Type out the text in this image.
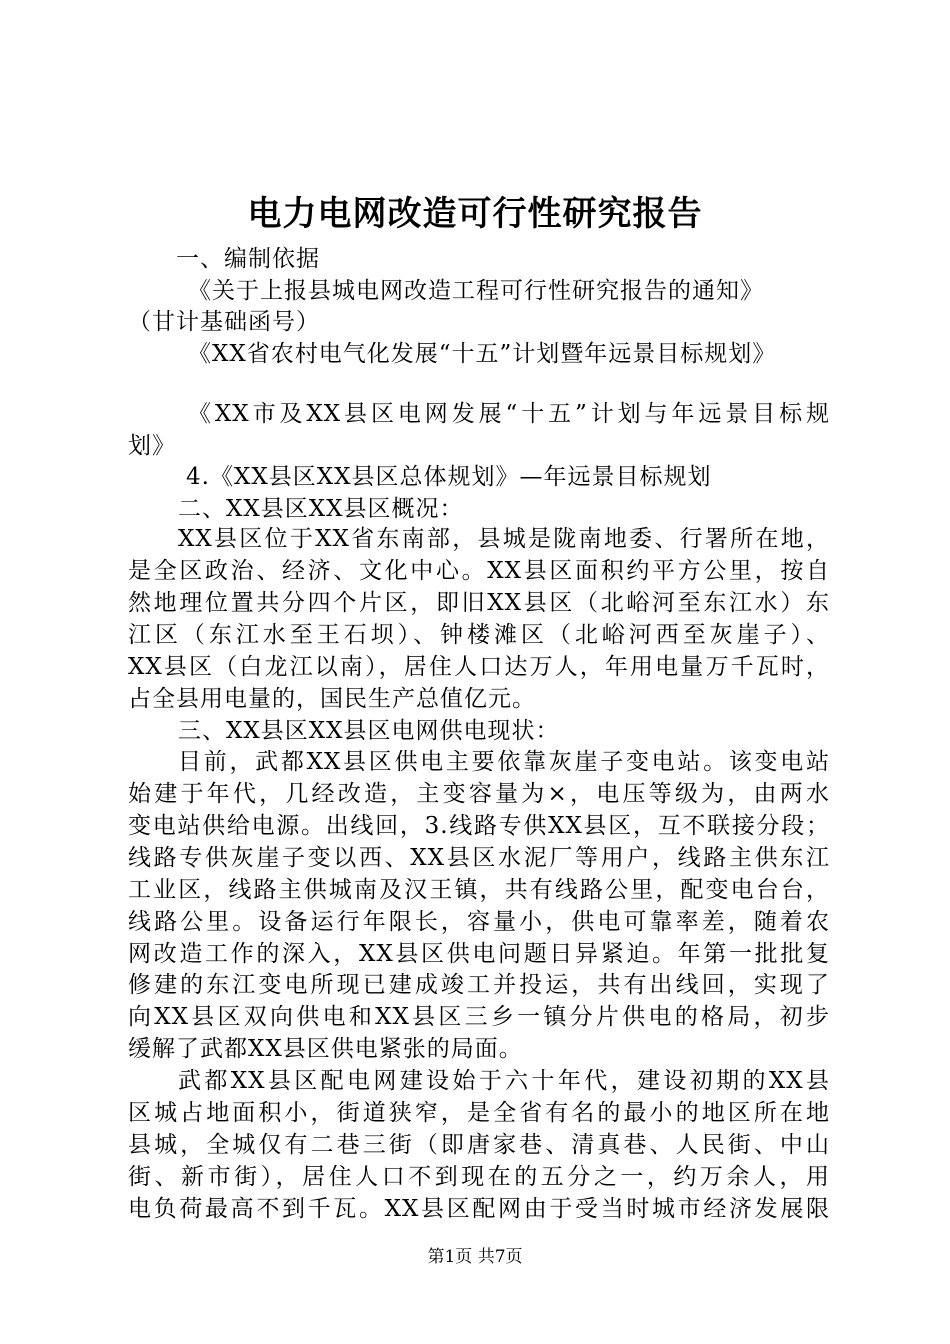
电力电网改造可行性研究报告
一、编制依据
《关于上报县城电网改造工程可行性研究报告的通知》
（甘计基础函号）
《XX省农村电气化发展“十五”计划暨年远景目标规划》
《XX市及XX县区电网发展“十五”计划与年远景目标规
划》
4.《XX县区XX县区总体规划》—年远景目标规划
二、XX县区XX县区概况：
XX县区位于XX省东南部，县城是陇南地委、行署所在地，
是全区政治、经济、文化中心。XX县区面积约平方公里，按自
然地理位置共分四个片区，即旧XX县区（北峪河至东江水）东
江区（东江水至王石坝）、钟楼滩区（北峪河西至灰崖子）、
XX县区（白龙江以南），居住人口达万人，年用电量万千瓦时，
占全县用电量的，国民生产总值亿元。
三、XX县区XX县区电网供电现状：
目前，武都XX县区供电主要依靠灰崖子变电站。该变电站
始建于年代，几经改造，主变容量为×，电压等级为，由两水
变电站供给电源。出线回，3.线路专供XX县区，互不联接分段；
线路专供灰崖子变以西、XX县区水泥厂等用户，线路主供东江
工业区，线路主供城南及汉王镇，共有线路公里，配变电台台，
线路公里。设备运行年限长，容量小，供电可靠率差，随着农
网改造工作的深入，XX县区供电问题日异紧迫。年第一批批复
修建的东江变电所现已建成竣工并投运，共有出线回，实现了
向XX县区双向供电和XX县区三乡一镇分片供电的格局，初步
缓解了武都XX县区供电紧张的局面。
武都XX县区配电网建设始于六十年代，建设初期的XX县
区城占地面积小，街道狭窄，是全省有名的最小的地区所在地
县城，全城仅有二巷三街（即唐家巷、清真巷、人民街、中山
街、新市街），居住人口不到现在的五分之一，约万余人，用
电负荷最高不到千瓦。XX县区配网由于受当时城市经济发展限
第1页 共7页
